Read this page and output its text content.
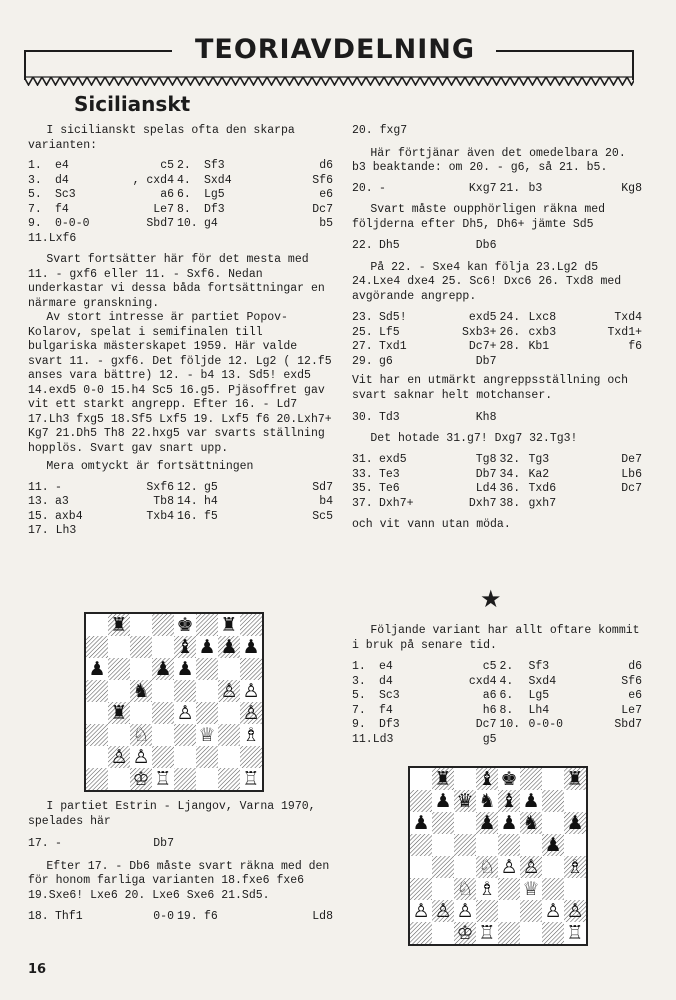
TEORIAVDELNING
Sicilianskt

I sicilianskt spelas ofta den skarpa varianten:

1.	e4	c5 2.	Sf3	d6
3.	d4	, cxd4 4.	Sxd4	Sf6
5.	Sc3	a6 6.	Lg5	e6
7.	f4	Le7 8.	Df3	Dc7
9.	0-0-0	Sbd7 10. g4	b5
11.Lxf6

Svart fortsätter här för det mesta med 11. - gxf6 eller 11. - Sxf6. Nedan underkastar vi dessa båda fortsättningar en närmare granskning.

Av stort intresse är partiet Popov-Kolarov, spelat i semifinalen till bulgariska mästerskapet 1959. Här valde svart 11. - gxf6. Det följde 12. Lg2 ( 12.f5 anses vara bättre) 12. - b4 13. Sd5! exd5 14.exd5 0-0 15.h4 Sc5 16.g5. Pjäsoffret gav vit ett starkt angrepp. Efter 16. - Ld7 17.Lh3 fxg5 18.Sf5 Lxf5 19. Lxf5 f6 20.Lxh7+ Kg7 21.Dh5 Th8 22.hxg5 var svarts ställning hopplös. Svart gav snart upp.

Mera omtyckt är fortsättningen

11. -	Sxf6 12. g5	Sd7
13. a3	Tb8 14. h4	b4
15. axb4	Txb4 16. f5	Sc5
17. Lh3
♜	♚ ♜
♝ ♟ ♟ ♟
♟	♟ ♟
♞	♙ ♙
♜	♙	♙
♘	♕ ♗
♙ ♙
♔ ♖	♖

I partiet Estrin - Ljangov, Varna 1970, spelades här

17. -	Db7

Efter 17. - Db6 måste svart räkna med den för honom farliga varianten 18.fxe6 fxe6 19.Sxe6! Lxe6 20. Lxe6 Sxe6 21.Sd5.

18. Thf1	0-0 19. f6	Ld8
20. fxg7

Här förtjänar även det omedelbara 20. b3 beaktande: om 20. - g6, så 21. b5.

20. -	Kxg7 21. b3	Kg8

Svart måste oupphörligen räkna med följderna efter Dh5, Dh6+ jämte Sd5

22. Dh5	Db6

På 22. - Sxe4 kan följa 23.Lg2 d5 24.Lxe4 dxe4 25. Sc6! Dxc6 26. Txd8 med avgörande angrepp.

23. Sd5!	exd5 24. Lxc8	Txd4
25. Lf5	Sxb3+ 26. cxb3	Txd1+
27. Txd1	Dc7+ 28. Kb1	f6
29. g6	Db7

Vit har en utmärkt angreppsställning och svart saknar helt motchanser.

30. Td3	Kh8

Det hotade 31.g7! Dxg7 32.Tg3!

31. exd5	Tg8 32. Tg3	De7
33. Te3	Db7 34. Ka2	Lb6
35. Te6	Ld4 36. Txd6	Dc7
37. Dxh7+	Dxh7 38. gxh7

och vit vann utan möda.

★

Följande variant har allt oftare kommit i bruk på senare tid.

1.	e4	c5 2.	Sf3	d6
3.	d4	cxd4 4.	Sxd4	Sf6
5.	Sc3	a6 6.	Lg5	e6
7.	f4	h6 8.	Lh4	Le7
9.	Df3	Dc7 10. 0-0-0	Sbd7
11.Ld3	g5
♜ ♝ ♚	♜
♟ ♛ ♞ ♝ ♟
♟	♟ ♟ ♞ ♟
♟
♘ ♙ ♙ ♗
♘ ♗ ♕
♙ ♙ ♙	♙ ♙
♔ ♖	♖
16
